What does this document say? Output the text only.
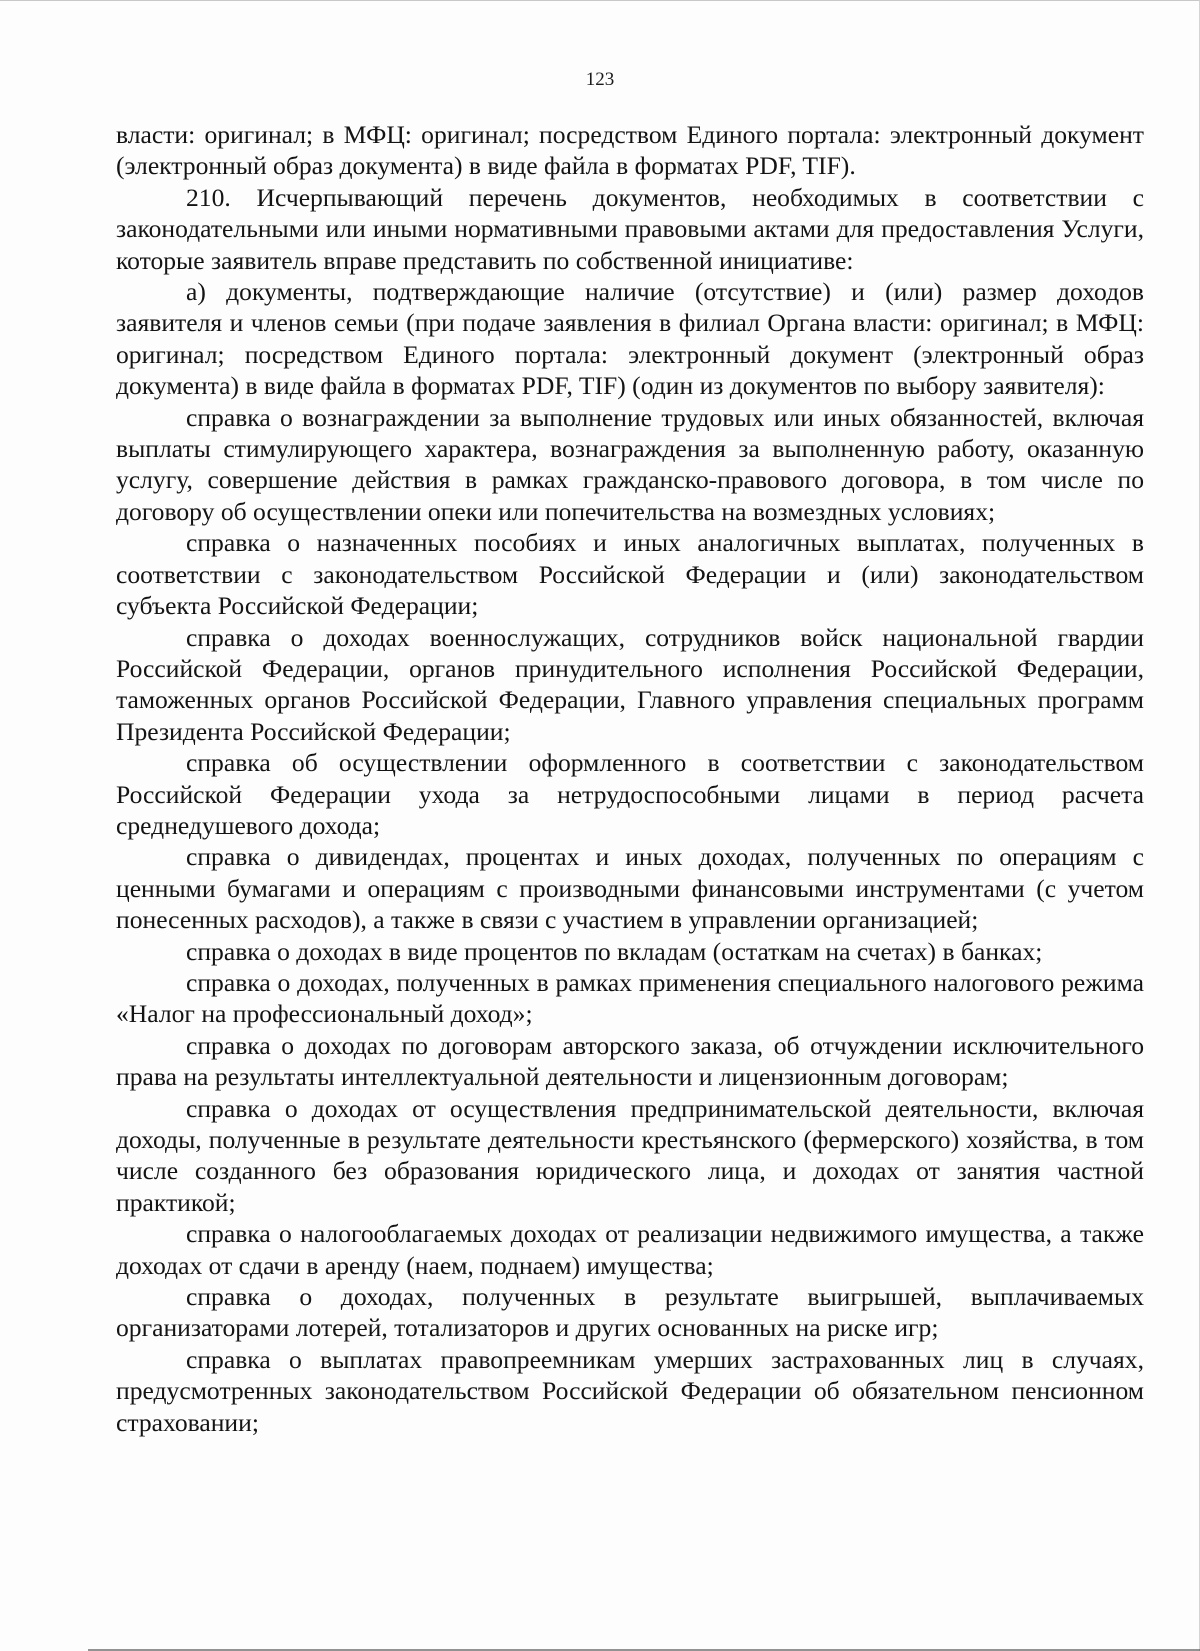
123

власти: оригинал; в МФЦ: оригинал; посредством Единого портала: электронный документ (электронный образ документа) в виде файла в форматах PDF, TIF).

210. Исчерпывающий перечень документов, необходимых в соответствии с законодательными или иными нормативными правовыми актами для предоставления Услуги, которые заявитель вправе представить по собственной инициативе:

а) документы, подтверждающие наличие (отсутствие) и (или) размер доходов заявителя и членов семьи (при подаче заявления в филиал Органа власти: оригинал; в МФЦ: оригинал; посредством Единого портала: электронный документ (электронный образ документа) в виде файла в форматах PDF, TIF) (один из документов по выбору заявителя):

справка о вознаграждении за выполнение трудовых или иных обязанностей, включая выплаты стимулирующего характера, вознаграждения за выполненную работу, оказанную услугу, совершение действия в рамках гражданско-правового договора, в том числе по договору об осуществлении опеки или попечительства на возмездных условиях;

справка о назначенных пособиях и иных аналогичных выплатах, полученных в соответствии с законодательством Российской Федерации и (или) законодательством субъекта Российской Федерации;

справка о доходах военнослужащих, сотрудников войск национальной гвардии Российской Федерации, органов принудительного исполнения Российской Федерации, таможенных органов Российской Федерации, Главного управления специальных программ Президента Российской Федерации;

справка об осуществлении оформленного в соответствии с законодательством Российской Федерации ухода за нетрудоспособными лицами в период расчета среднедушевого дохода;

справка о дивидендах, процентах и иных доходах, полученных по операциям с ценными бумагами и операциям с производными финансовыми инструментами (с учетом понесенных расходов), а также в связи с участием в управлении организацией;

справка о доходах в виде процентов по вкладам (остаткам на счетах) в банках;

справка о доходах, полученных в рамках применения специального налогового режима «Налог на профессиональный доход»;

справка о доходах по договорам авторского заказа, об отчуждении исключительного права на результаты интеллектуальной деятельности и лицензионным договорам;

справка о доходах от осуществления предпринимательской деятельности, включая доходы, полученные в результате деятельности крестьянского (фермерского) хозяйства, в том числе созданного без образования юридического лица, и доходах от занятия частной практикой;

справка о налогооблагаемых доходах от реализации недвижимого имущества, а также доходах от сдачи в аренду (наем, поднаем) имущества;

справка о доходах, полученных в результате выигрышей, выплачиваемых организаторами лотерей, тотализаторов и других основанных на риске игр;

справка о выплатах правопреемникам умерших застрахованных лиц в случаях, предусмотренных законодательством Российской Федерации об обязательном пенсионном страховании;
